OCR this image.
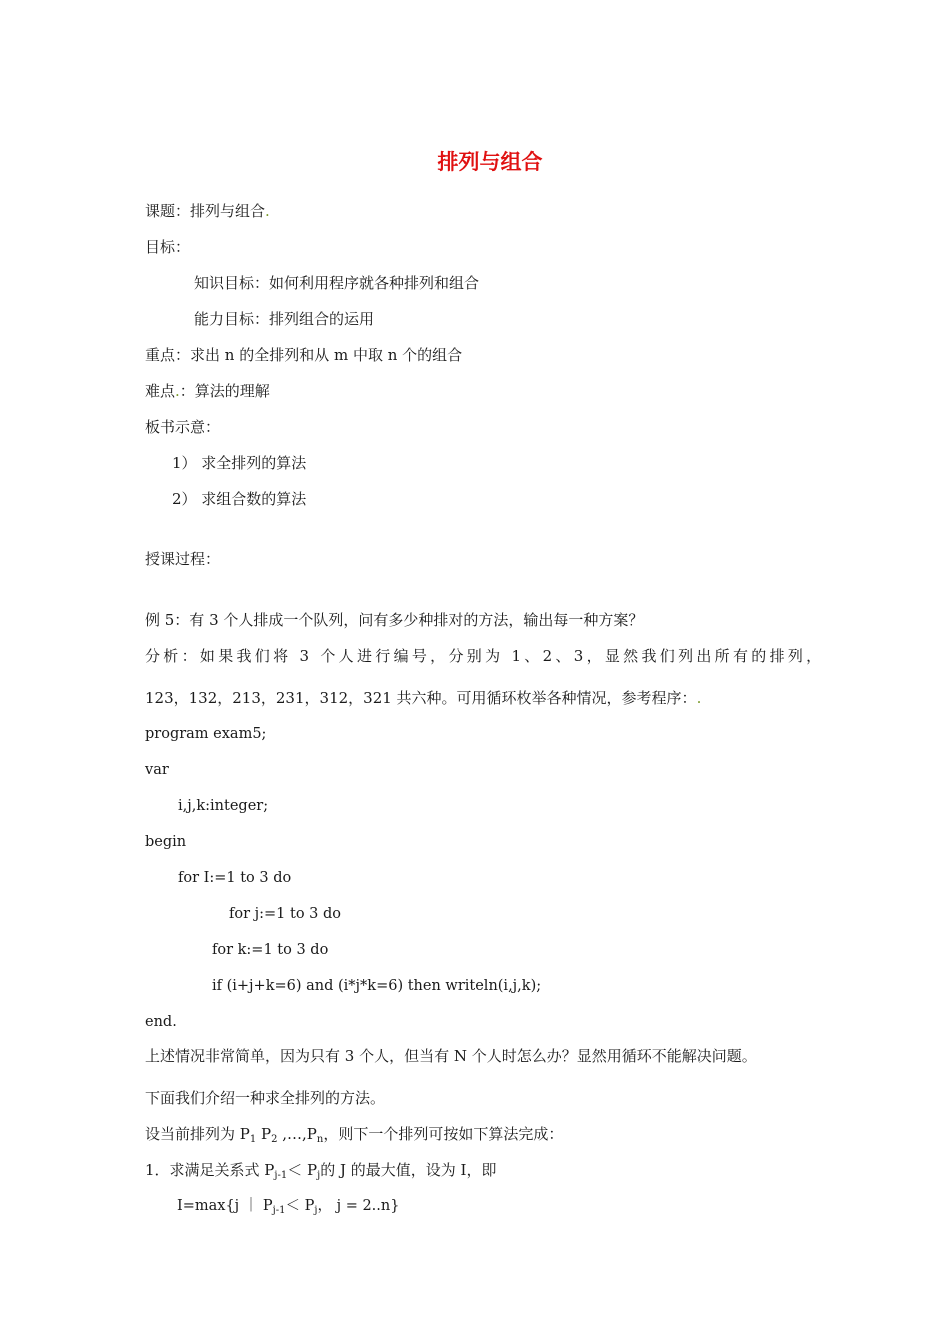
排列与组合
课题：排列与组合.
目标：
知识目标：如何利用程序就各种排列和组合
能力目标：排列组合的运用
重点：求出 n 的全排列和从 m 中取 n 个的组合
难点.：算法的理解
板书示意：
1） 求全排列的算法
2） 求组合数的算法
授课过程：
例 5：有 3 个人排成一个队列，问有多少种排对的方法，输出每一种方案？
分析：如果我们将 3 个人进行编号，分别为 1、2、3，显然我们列出所有的排列，
123，132，213，231，312，321 共六种。可用循环枚举各种情况，参考程序：.
program exam5;
var
i,j,k:integer;
begin
for I:=1 to 3 do
for j:=1 to 3 do
for k:=1 to 3 do
if (i+j+k=6) and (i*j*k=6) then writeln(i,j,k);
end.
上述情况非常简单，因为只有 3 个人，但当有 N 个人时怎么办？显然用循环不能解决问题。
下面我们介绍一种求全排列的方法。
设当前排列为 $P_1$ $P_2$ $,\dots,P_n$，则下一个排列可按如下算法完成：
1．求满足关系式 $P_{j-1}< P_j$的 J 的最大值，设为 I，即
I=max{j ｜ $P_{j-1}< P_j$， j = 2..n}
